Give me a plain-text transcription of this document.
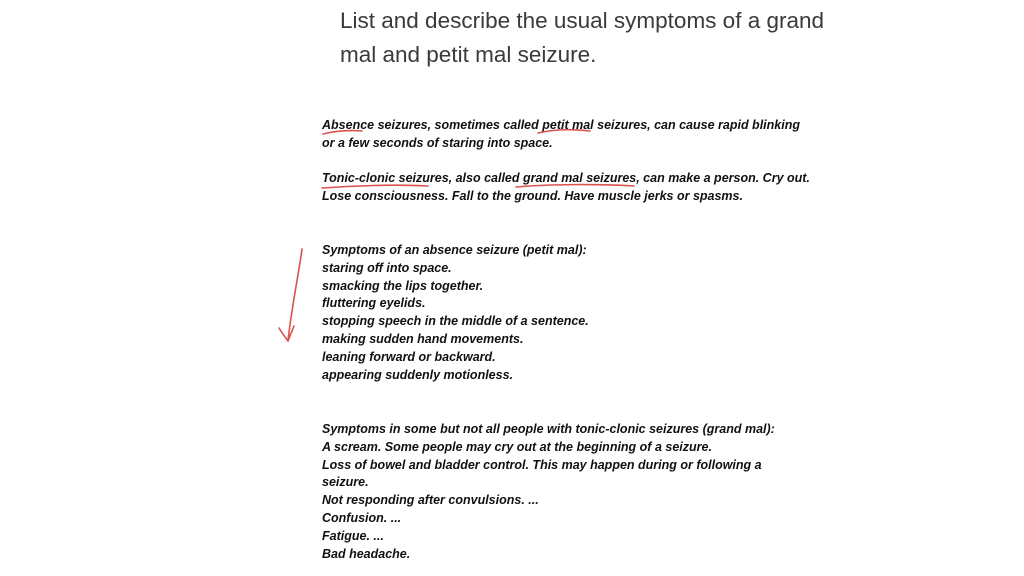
List and describe the usual symptoms of a grand
mal and petit mal seizure.
Absence seizures, sometimes called petit mal seizures, can cause rapid blinking
or a few seconds of staring into space.
Tonic-clonic seizures, also called grand mal seizures, can make a person. Cry out.
Lose consciousness. Fall to the ground. Have muscle jerks or spasms.
Symptoms of an absence seizure (petit mal):
staring off into space.
smacking the lips together.
fluttering eyelids.
stopping speech in the middle of a sentence.
making sudden hand movements.
leaning forward or backward.
appearing suddenly motionless.
Symptoms in some but not all people with tonic-clonic seizures (grand mal):
A scream. Some people may cry out at the beginning of a seizure.
Loss of bowel and bladder control. This may happen during or following a
seizure.
Not responding after convulsions. ...
Confusion. ...
Fatigue. ...
Bad headache.
